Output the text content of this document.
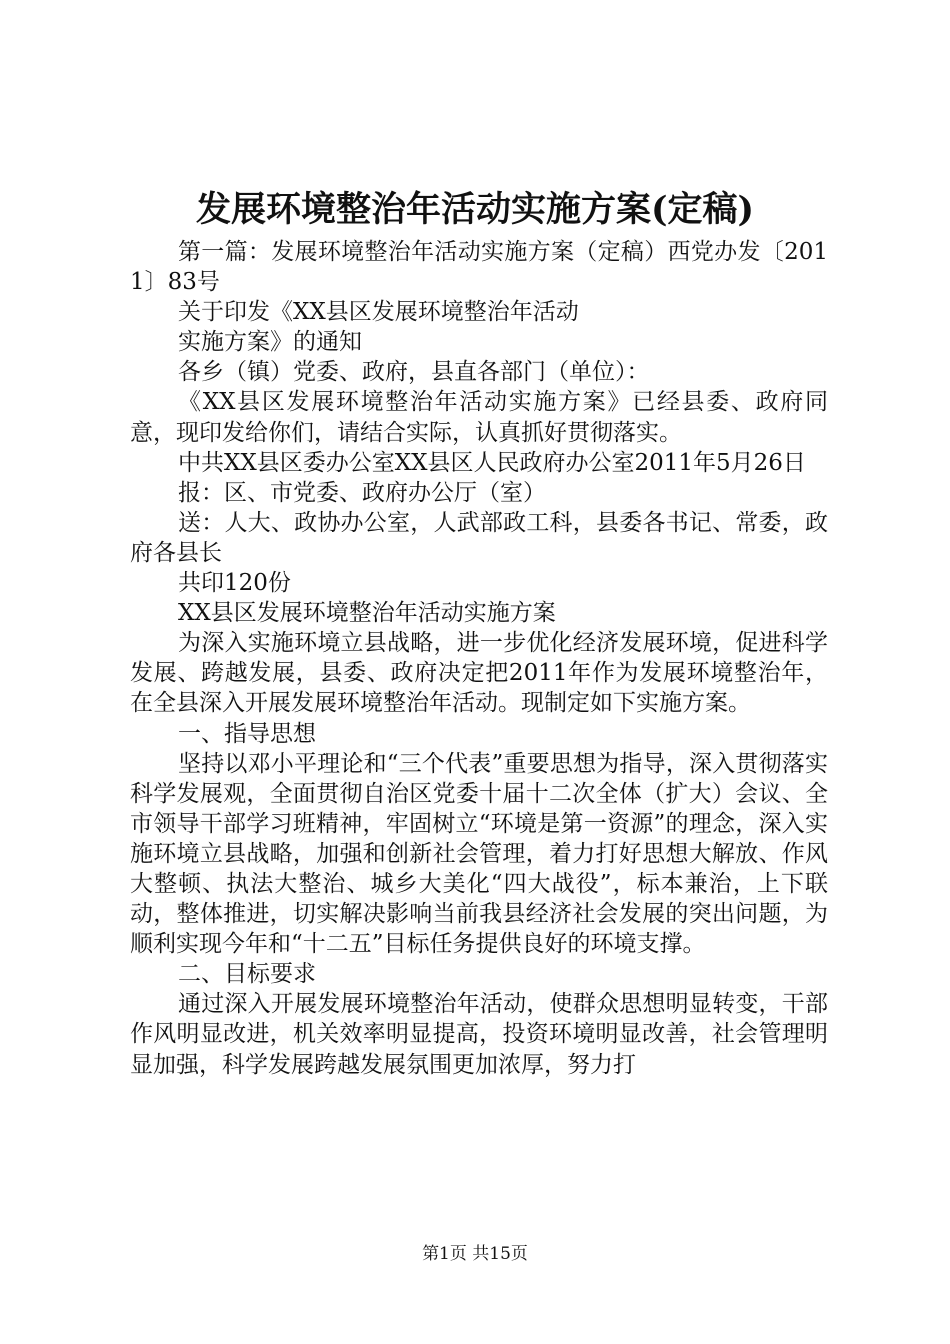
发展环境整治年活动实施方案(定稿)

第一篇：发展环境整治年活动实施方案（定稿）西党办发〔2011〕83号

关于印发《XX县区发展环境整治年活动

实施方案》的通知

各乡（镇）党委、政府，县直各部门（单位）：

《XX县区发展环境整治年活动实施方案》已经县委、政府同意，现印发给你们，请结合实际，认真抓好贯彻落实。

中共XX县区委办公室XX县区人民政府办公室2011年5月26日

报：区、市党委、政府办公厅（室）

送：人大、政协办公室，人武部政工科，县委各书记、常委，政府各县长

共印120份

XX县区发展环境整治年活动实施方案

为深入实施环境立县战略，进一步优化经济发展环境，促进科学发展、跨越发展，县委、政府决定把2011年作为发展环境整治年，在全县深入开展发展环境整治年活动。现制定如下实施方案。

一、指导思想

坚持以邓小平理论和“三个代表”重要思想为指导，深入贯彻落实科学发展观，全面贯彻自治区党委十届十二次全体（扩大）会议、全市领导干部学习班精神，牢固树立“环境是第一资源”的理念，深入实施环境立县战略，加强和创新社会管理，着力打好思想大解放、作风大整顿、执法大整治、城乡大美化“四大战役”，标本兼治，上下联动，整体推进，切实解决影响当前我县经济社会发展的突出问题，为顺利实现今年和“十二五”目标任务提供良好的环境支撑。

二、目标要求

通过深入开展发展环境整治年活动，使群众思想明显转变，干部作风明显改进，机关效率明显提高，投资环境明显改善，社会管理明显加强，科学发展跨越发展氛围更加浓厚，努力打

第1页 共15页
